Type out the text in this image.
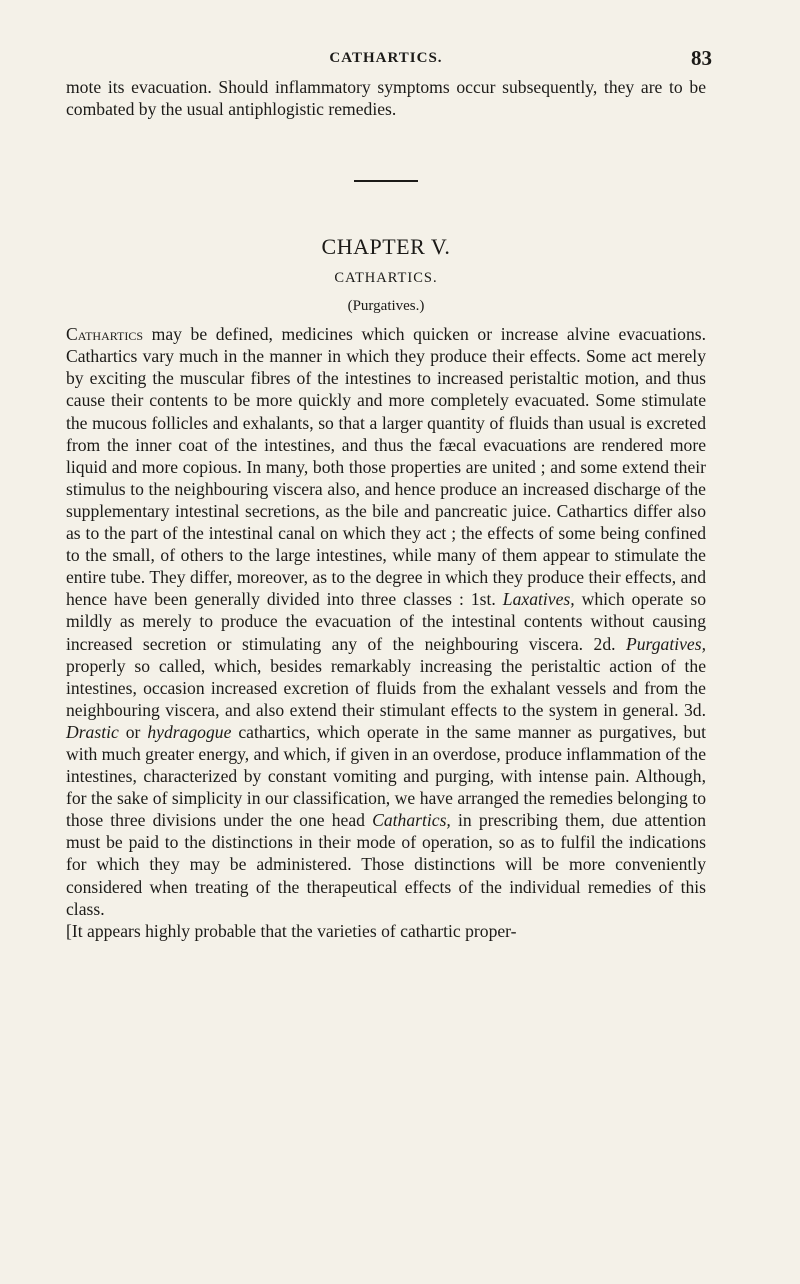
CATHARTICS.	83

mote its evacuation. Should inflammatory symptoms occur subsequently, they are to be combated by the usual antiphlogistic remedies.

CHAPTER V.
CATHARTICS.
(Purgatives.)

Cathartics may be defined, medicines which quicken or increase alvine evacuations. Cathartics vary much in the manner in which they produce their effects. Some act merely by exciting the muscular fibres of the intestines to increased peristaltic motion, and thus cause their contents to be more quickly and more completely evacuated. Some stimulate the mucous follicles and exhalants, so that a larger quantity of fluids than usual is excreted from the inner coat of the intestines, and thus the fæcal evacuations are rendered more liquid and more copious. In many, both those properties are united ; and some extend their stimulus to the neighbouring viscera also, and hence produce an increased discharge of the supplementary intestinal secretions, as the bile and pancreatic juice. Cathartics differ also as to the part of the intestinal canal on which they act ; the effects of some being confined to the small, of others to the large intestines, while many of them appear to stimulate the entire tube. They differ, moreover, as to the degree in which they produce their effects, and hence have been generally divided into three classes : 1st. Laxatives, which operate so mildly as merely to produce the evacuation of the intestinal contents without causing increased secretion or stimulating any of the neighbouring viscera. 2d. Purgatives, properly so called, which, besides remarkably increasing the peristaltic action of the intestines, occasion increased excretion of fluids from the exhalant vessels and from the neighbouring viscera, and also extend their stimulant effects to the system in general. 3d. Drastic or hydragogue cathartics, which operate in the same manner as purgatives, but with much greater energy, and which, if given in an overdose, produce inflammation of the intestines, characterized by constant vomiting and purging, with intense pain. Although, for the sake of simplicity in our classification, we have arranged the remedies belonging to those three divisions under the one head Cathartics, in prescribing them, due attention must be paid to the distinctions in their mode of operation, so as to fulfil the indications for which they may be administered. Those distinctions will be more conveniently considered when treating of the therapeutical effects of the individual remedies of this class.

[It appears highly probable that the varieties of cathartic proper-
